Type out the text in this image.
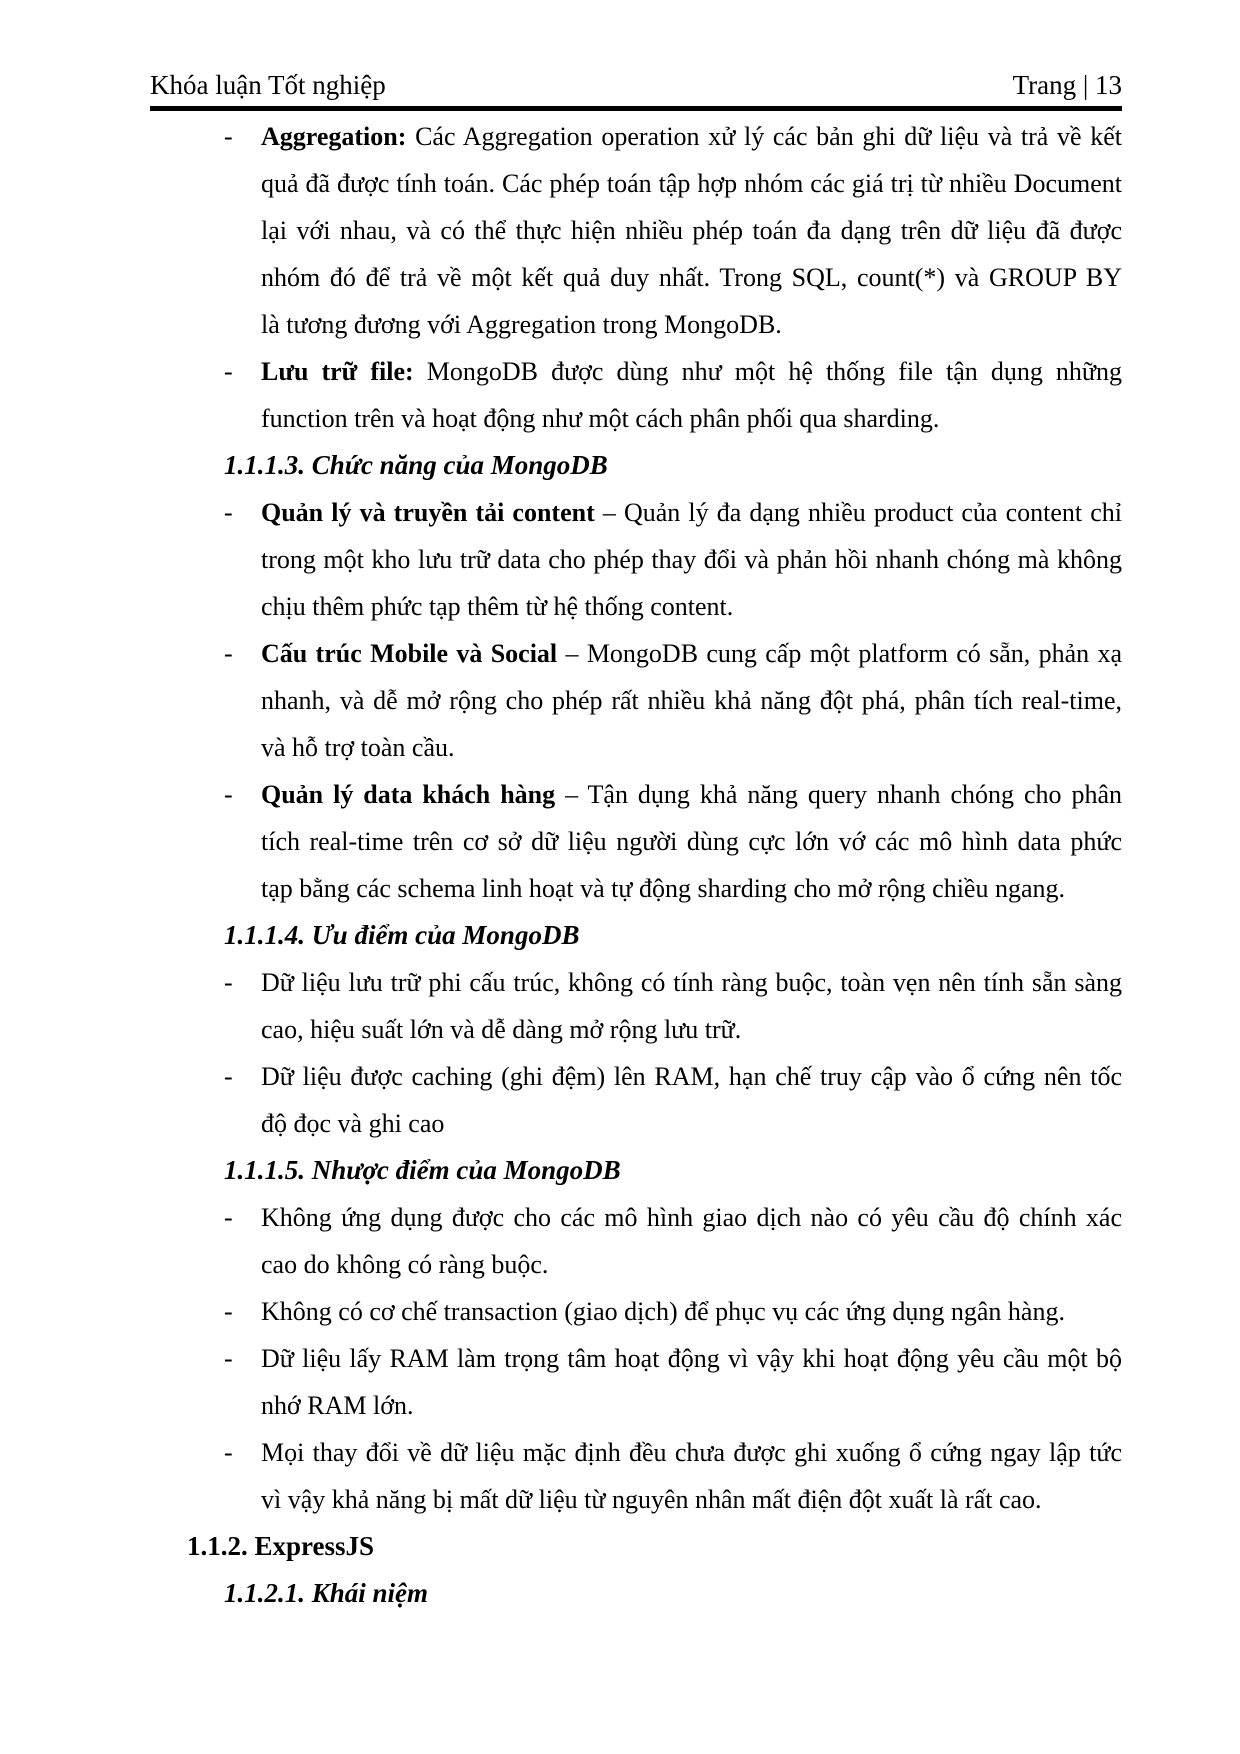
Khóa luận Tốt nghiệp	Trang | 13
- Aggregation: Các Aggregation operation xử lý các bản ghi dữ liệu và trả về kết
quả đã được tính toán. Các phép toán tập hợp nhóm các giá trị từ nhiều Document
lại với nhau, và có thể thực hiện nhiều phép toán đa dạng trên dữ liệu đã được
nhóm đó để trả về một kết quả duy nhất. Trong SQL, count(*) và GROUP BY
là tương đương với Aggregation trong MongoDB.
- Lưu trữ file: MongoDB được dùng như một hệ thống file tận dụng những
function trên và hoạt động như một cách phân phối qua sharding.
1.1.1.3. Chức năng của MongoDB
- Quản lý và truyền tải content – Quản lý đa dạng nhiều product của content chỉ
trong một kho lưu trữ data cho phép thay đổi và phản hồi nhanh chóng mà không
chịu thêm phức tạp thêm từ hệ thống content.
- Cấu trúc Mobile và Social – MongoDB cung cấp một platform có sẵn, phản xạ
nhanh, và dễ mở rộng cho phép rất nhiều khả năng đột phá, phân tích real-time,
và hỗ trợ toàn cầu.
- Quản lý data khách hàng – Tận dụng khả năng query nhanh chóng cho phân
tích real-time trên cơ sở dữ liệu người dùng cực lớn vớ các mô hình data phức
tạp bằng các schema linh hoạt và tự động sharding cho mở rộng chiều ngang.
1.1.1.4. Ưu điểm của MongoDB
- Dữ liệu lưu trữ phi cấu trúc, không có tính ràng buộc, toàn vẹn nên tính sẵn sàng
cao, hiệu suất lớn và dễ dàng mở rộng lưu trữ.
- Dữ liệu được caching (ghi đệm) lên RAM, hạn chế truy cập vào ổ cứng nên tốc
độ đọc và ghi cao
1.1.1.5. Nhược điểm của MongoDB
- Không ứng dụng được cho các mô hình giao dịch nào có yêu cầu độ chính xác
cao do không có ràng buộc.
- Không có cơ chế transaction (giao dịch) để phục vụ các ứng dụng ngân hàng.
- Dữ liệu lấy RAM làm trọng tâm hoạt động vì vậy khi hoạt động yêu cầu một bộ
nhớ RAM lớn.
- Mọi thay đổi về dữ liệu mặc định đều chưa được ghi xuống ổ cứng ngay lập tức
vì vậy khả năng bị mất dữ liệu từ nguyên nhân mất điện đột xuất là rất cao.
1.1.2. ExpressJS
1.1.2.1. Khái niệm
